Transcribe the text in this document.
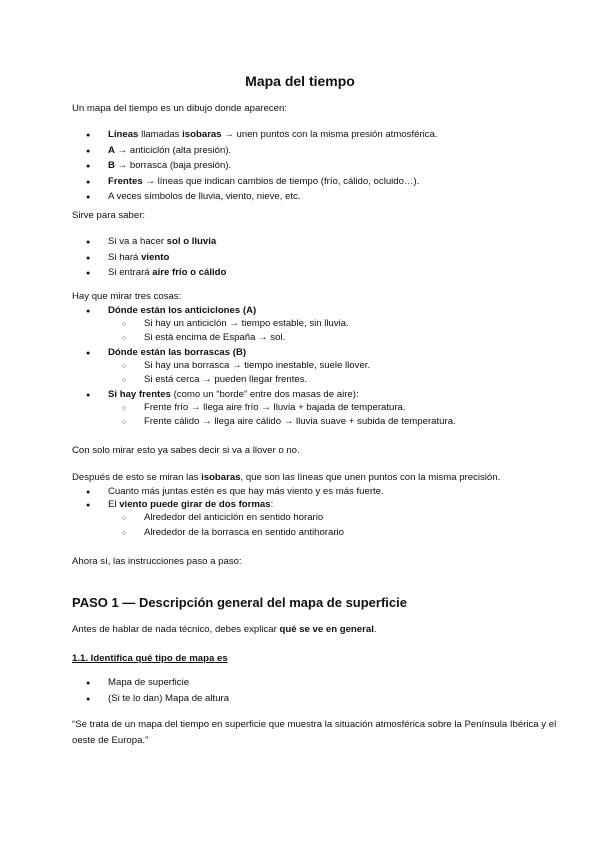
Mapa del tiempo

Un mapa del tiempo es un dibujo donde aparecen:

● Líneas llamadas isobaras → unen puntos con la misma presión atmosférica.
● A → anticiclón (alta presión).
● B → borrasca (baja presión).
● Frentes → líneas que indican cambios de tiempo (frío, cálido, ocluido…).
● A veces símbolos de lluvia, viento, nieve, etc.

Sirve para saber:

● Si va a hacer sol o lluvia
● Si hará viento
● Si entrará aire frío o cálido

Hay que mirar tres cosas:

● Dónde están los anticiclones (A)
○ Si hay un anticiclón → tiempo estable, sin lluvia.
○ Si está encima de España → sol.
● Dónde están las borrascas (B)
○ Si hay una borrasca → tiempo inestable, suele llover.
○ Si está cerca → pueden llegar frentes.
● Si hay frentes (como un “borde” entre dos masas de aire):
○ Frente frío → llega aire frío → lluvia + bajada de temperatura.
○ Frente cálido → llega aire cálido → lluvia suave + subida de temperatura.

Con solo mirar esto ya sabes decir si va a llover o no.

Después de esto se miran las isobaras, que son las líneas que unen puntos con la misma precisión.

● Cuanto más juntas estén es que hay más viento y es más fuerte.
● El viento puede girar de dos formas:
○ Alrededor del anticiclón en sentido horario
○ Alrededor de la borrasca en sentido antihorario

Ahora sí, las instrucciones paso a paso:

PASO 1 — Descripción general del mapa de superficie

Antes de hablar de nada técnico, debes explicar qué se ve en general.

1.1. Identifica qué tipo de mapa es
● Mapa de superficie
● (Si te lo dan) Mapa de altura

“Se trata de un mapa del tiempo en superficie que muestra la situación atmosférica sobre la Península Ibérica y el oeste de Europa.”
